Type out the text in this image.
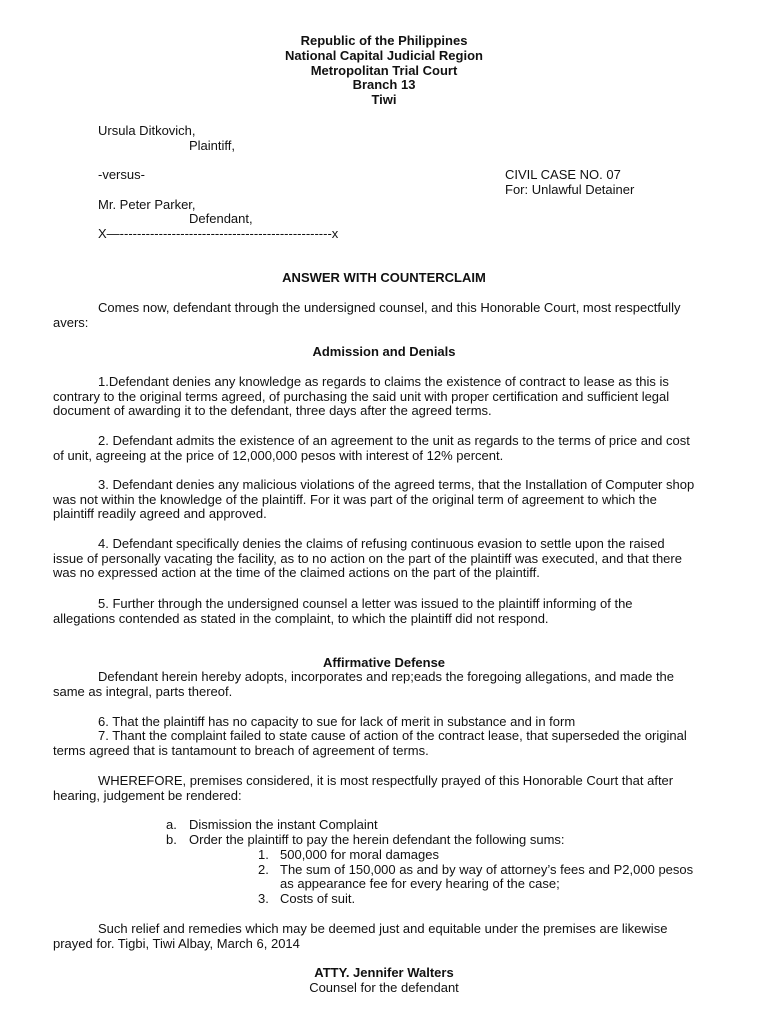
Republic of the Philippines
National Capital Judicial Region
Metropolitan Trial Court
Branch 13
Tiwi
Ursula Ditkovich,
Plaintiff,
-versus-	CIVIL CASE NO. 07
For: Unlawful Detainer
Mr. Peter Parker,
Defendant,
X—-------------------------------------------------x
ANSWER WITH COUNTERCLAIM
Comes now, defendant through the undersigned counsel, and this Honorable Court, most respectfully
avers:
Admission and Denials
1.Defendant denies any knowledge as regards to claims the existence of contract to lease as this is
contrary to the original terms agreed, of purchasing the said unit with proper certification and sufficient legal
document of awarding it to the defendant, three days after the agreed terms.
2. Defendant admits the existence of an agreement to the unit as regards to the terms of price and cost
of unit, agreeing at the price of 12,000,000 pesos with interest of 12% percent.
3. Defendant denies any malicious violations of the agreed terms, that the Installation of Computer shop
was not within the knowledge of the plaintiff. For it was part of the original term of agreement to which the
plaintiff readily agreed and approved.
4. Defendant specifically denies the claims of refusing continuous evasion to settle upon the raised
issue of personally vacating the facility, as to no action on the part of the plaintiff was executed, and that there
was no expressed action at the time of the claimed actions on the part of the plaintiff.
5. Further through the undersigned counsel a letter was issued to the plaintiff informing of the
allegations contended as stated in the complaint, to which the plaintiff did not respond.
Affirmative Defense
Defendant herein hereby adopts, incorporates and rep;eads the foregoing allegations, and made the
same as integral, parts thereof.
6. That the plaintiff has no capacity to sue for lack of merit in substance and in form
7. Thant the complaint failed to state cause of action of the contract lease, that superseded the original
terms agreed that is tantamount to breach of agreement of terms.
WHEREFORE, premises considered, it is most respectfully prayed of this Honorable Court that after
hearing, judgement be rendered:
a. Dismission the instant Complaint
b. Order the plaintiff to pay the herein defendant the following sums:
1. 500,000 for moral damages
2. The sum of 150,000 as and by way of attorney’s fees and P2,000 pesos
as appearance fee for every hearing of the case;
3. Costs of suit.
Such relief and remedies which may be deemed just and equitable under the premises are likewise
prayed for. Tigbi, Tiwi Albay, March 6, 2014
ATTY. Jennifer Walters
Counsel for the defendant
